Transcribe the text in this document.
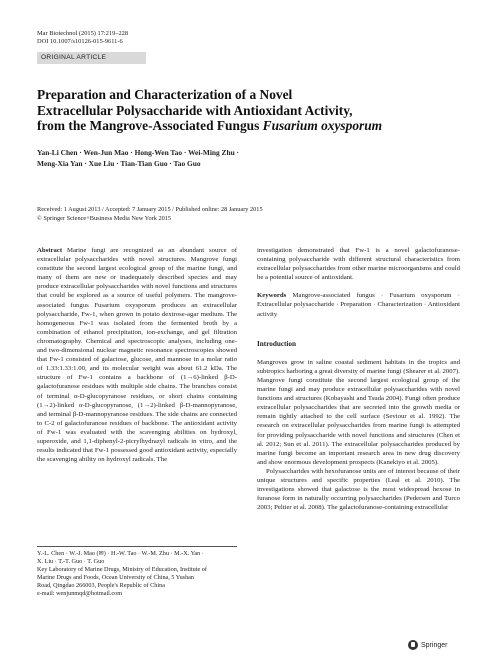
Mar Biotechnol (2015) 17:219–228
DOI 10.1007/s10126-015-9611-6
ORIGINAL ARTICLE
Preparation and Characterization of a Novel
Extracellular Polysaccharide with Antioxidant Activity,
from the Mangrove-Associated Fungus Fusarium oxysporum
Yan-Li Chen · Wen-Jun Mao · Hong-Wen Tao · Wei-Ming Zhu ·
Meng-Xia Yan · Xue Liu · Tian-Tian Guo · Tao Guo
Received: 1 August 2013 / Accepted: 7 January 2015 / Published online: 28 January 2015
© Springer Science+Business Media New York 2015

Abstract Marine fungi are recognized as an abundant source of extracellular polysaccharides with novel structures. Mangrove fungi constitute the second largest ecological group of the marine fungi, and many of them are new or inadequately described species and may produce extracellular polysaccharides with novel functions and structures that could be explored as a source of useful polymers. The mangrove-associated fungus Fusarium oxysporum produces an extracellular polysaccharide, Fw-1, when grown in potato dextrose-agar medium. The homogeneous Fw-1 was isolated from the fermented broth by a combination of ethanol precipitation, ion-exchange, and gel filtration chromatography. Chemical and spectroscopic analyses, including one- and two-dimensional nuclear magnetic resonance spectroscopies showed that Fw-1 consisted of galactose, glucose, and mannose in a molar ratio of 1.33:1.33:1.00, and its molecular weight was about 61.2 kDa. The structure of Fw-1 contains a backbone of (1→6)-linked β-D-galactofuranose residues with multiple side chains. The branches consist of terminal α-D-glucopyranose residues, or short chains containing (1→2)-linked α-D-glucopyranose, (1→2)-linked β-D-mannopyranose, and terminal β-D-mannopyranose residues. The side chains are connected to C-2 of galactofuranose residues of backbone. The antioxidant activity of Fw-1 was evaluated with the scavenging abilities on hydroxyl, superoxide, and 1,1-diphenyl-2-picrylhydrazyl radicals in vitro, and the results indicated that Fw-1 possessed good antioxidant activity, especially the scavenging ability on hydroxyl radicals. The

investigation demonstrated that Fw-1 is a novel galactofuranose-containing polysaccharide with different structural characteristics from extracellular polysaccharides from other marine microorganisms and could be a potential source of antioxidant.

Keywords Mangrove-associated fungus · Fusarium oxysporum · Extracellular polysaccharide · Preparation · Characterization · Antioxidant activity

Introduction

Mangroves grow in saline coastal sediment habitats in the tropics and subtropics harboring a great diversity of marine fungi (Shearer et al. 2007). Mangrove fungi constitute the second largest ecological group of the marine fungi and may produce extracellular polysaccharides with novel functions and structures (Kobayashi and Tsuda 2004). Fungi often produce extracellular polysaccharides that are secreted into the growth media or remain tightly attached to the cell surface (Seviour et al. 1992). The research on extracellular polysaccharides from marine fungi is attempted for providing polysaccharide with novel functions and structures (Chen et al. 2012; Sun et al. 2011). The extracellular polysaccharides produced by marine fungi become an important research area in new drug discovery and show enormous development prospects (Kanekiyo et al. 2005).

Polysaccharides with hexofuranose units are of interest because of their unique structures and specific properties (Leal et al. 2010). The investigations showed that galactose is the most widespread hexose in furanose form in naturally occurring polysaccharides (Pedersen and Turco 2003; Peltier et al. 2008). The galactofuranose-containing extracellular

Y.-L. Chen · W.-J. Mao (✉) · H.-W. Tao · W.-M. Zhu · M.-X. Yan ·
X. Liu · T.-T. Guo · T. Guo
Key Laboratory of Marine Drugs, Ministry of Education, Institute of
Marine Drugs and Foods, Ocean University of China, 5 Yushan
Road, Qingdao 266003, People's Republic of China
e-mail: wenjunmqd@hotmail.com
Springer
